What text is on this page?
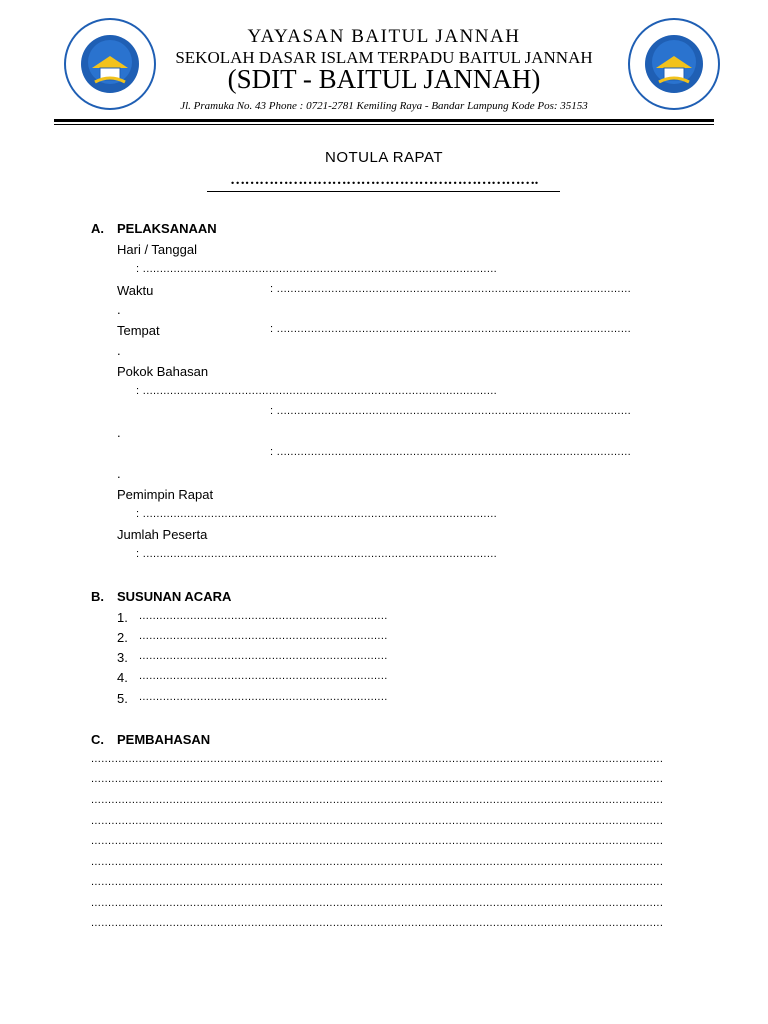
YAYASAN BAITUL JANNAH
SEKOLAH DASAR ISLAM TERPADU BAITUL JANNAH
(SDIT - BAITUL JANNAH)
Jl. Pramuka No. 43 Phone : 0721-2781 Kemiling Raya - Bandar Lampung Kode Pos: 35153
NOTULA RAPAT
……………………………………………………….
A. PELAKSANAAN
Hari / Tanggal
: ........................................................................................................
Waktu	: ........................................................................................................
.
Tempat	: ........................................................................................................
.
Pokok Bahasan
: ........................................................................................................
: ........................................................................................................
.
: ........................................................................................................
.
Pemimpin Rapat
: ........................................................................................................
Jumlah Peserta
: ........................................................................................................
B. SUSUNAN ACARA
1. .........................................................................
2. .........................................................................
3. .........................................................................
4. .........................................................................
5. .........................................................................
C. PEMBAHASAN
........................................................................................................................................................................
........................................................................................................................................................................
........................................................................................................................................................................
........................................................................................................................................................................
........................................................................................................................................................................
........................................................................................................................................................................
........................................................................................................................................................................
........................................................................................................................................................................
........................................................................................................................................................................
